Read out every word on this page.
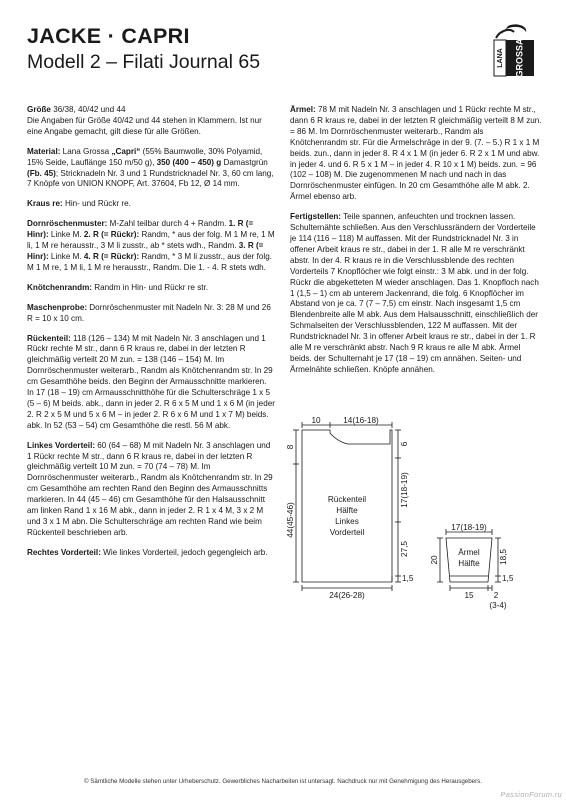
JACKE · CAPRI
Modell 2 – Filati Journal 65	LANA GROSSA

Größe 36/38, 40/42 und 44
Die Angaben für Größe 40/42 und 44 stehen in Klammern. Ist nur eine Angabe gemacht, gilt diese für alle Größen.

Material: Lana Grossa „Capri“ (55% Baumwolle, 30% Polyamid, 15% Seide, Lauflänge 150 m/50 g), 350 (400 – 450) g Damastgrün (Fb. 45); Stricknadeln Nr. 3 und 1 Rundstricknadel Nr. 3, 60 cm lang, 7 Knöpfe von UNION KNOPF, Art. 37604, Fb 12, Ø 14 mm.

Kraus re: Hin- und Rückr re.

Dornröschenmuster: M-Zahl teilbar durch 4 + Randm. 1. R (= Hinr): Linke M. 2. R (= Rückr): Randm, * aus der folg. M 1 M re, 1 M li, 1 M re herausstr., 3 M li zusstr., ab * stets wdh., Randm. 3. R (= Hinr): Linke M. 4. R (= Rückr): Randm, * 3 M li zusstr., aus der folg. M 1 M re, 1 M li, 1 M re herausstr., Randm. Die 1. - 4. R stets wdh.

Knötchenrandm: Randm in Hin- und Rückr re str.

Maschenprobe: Dornröschenmuster mit Nadeln Nr. 3: 28 M und 26 R = 10 x 10 cm.

Rückenteil: 118 (126 – 134) M mit Nadeln Nr. 3 anschlagen und 1 Rückr rechte M str., dann 6 R kraus re, dabei in der letzten R gleichmäßig verteilt 20 M zun. = 138 (146 – 154) M. Im Dornröschenmuster weiterarb., Randm als Knötchenrandm str. In 29 cm Gesamthöhe beids. den Beginn der Armausschnitte markieren. In 17 (18 – 19) cm Armausschnitthöhe für die Schulterschräge 1 x 5 (5 – 6) M beids. abk., dann in jeder 2. R 6 x 5 M und 1 x 6 M (in jeder 2. R 2 x 5 M und 5 x 6 M – in jeder 2. R 6 x 6 M und 1 x 7 M) beids. abk. In 52 (53 – 54) cm Gesamthöhe die restl. 56 M abk.

Linkes Vorderteil: 60 (64 – 68) M mit Nadeln Nr. 3 anschlagen und 1 Rückr rechte M str., dann 6 R kraus re, dabei in der letzten R gleichmäßig verteilt 10 M zun. = 70 (74 – 78) M. Im Dornröschenmuster weiterarb., Randm als Knötchenrandm str. In 29 cm Gesamthöhe am rechten Rand den Beginn des Armausschnitts markieren. In 44 (45 – 46) cm Gesamthöhe für den Halsausschnitt am linken Rand 1 x 16 M abk., dann in jeder 2. R 1 x 4 M, 3 x 2 M und 3 x 1 M abn. Die Schulterschräge am rechten Rand wie beim Rückenteil beschrieben arb.

Rechtes Vorderteil: Wie linkes Vorderteil, jedoch gegengleich arb.

Ärmel: 78 M mit Nadeln Nr. 3 anschlagen und 1 Rückr rechte M str., dann 6 R kraus re, dabei in der letzten R gleichmäßig verteilt 8 M zun. = 86 M. Im Dornröschenmuster weiterarb., Randm als Knötchenrandm str. Für die Ärmelschräge in der 9. (7. – 5.) R 1 x 1 M beids. zun., dann in jeder 8. R 4 x 1 M (in jeder 6. R 2 x 1 M und abw. in jeder 4. und 6. R 5 x 1 M – in jeder 4. R 10 x 1 M) beids. zun. = 96 (102 – 108) M. Die zugenommenen M nach und nach in das Dornröschenmuster einfügen. In 20 cm Gesamthöhe alle M abk. 2. Ärmel ebenso arb.

Fertigstellen: Teile spannen, anfeuchten und trocknen lassen. Schulternähte schließen. Aus den Verschlussrändern der Vorderteile je 114 (116 – 118) M auffassen. Mit der Rundstricknadel Nr. 3 in offener Arbeit kraus re str., dabei in der 1. R alle M re verschränkt abstr. In der 4. R kraus re in die Verschlussblende des rechten Vorderteils 7 Knopflöcher wie folgt einstr.: 3 M abk. und in der folg. Rückr die abgeketteten M wieder anschlagen. Das 1. Knopfloch nach 1 (1,5 – 1) cm ab unterem Jackenrand, die folg. 6 Knopflöcher im Abstand von je ca. 7 (7 – 7,5) cm einstr. Nach insgesamt 1,5 cm Blendenbreite alle M abk. Aus dem Halsausschnitt, einschließlich der Schmalseiten der Verschlussblenden, 122 M auffassen. Mit der Rundstricknadel Nr. 3 in offener Arbeit kraus re str., dabei in der 1. R alle M re verschränkt abstr. Nach 9 R kraus re alle M abk. Ärmel beids. der Schulternaht je 17 (18 – 19) cm annähen. Seiten- und Ärmelnähte schließen. Knöpfe annähen.

10	14(16-18)
8
44(45-46)
6
17(18-19)
27,5
1,5
Rückenteil
Hälfte
Linkes
Vorderteil
24(26-28)
17(18-19)
20	18,5
1,5
Ärmel
Hälfte
15 2
(3-4)
© Sämtliche Modelle stehen unter Urheberschutz. Gewerbliches Nacharbeiten ist untersagt. Nachdruck nur mit Genehmigung des Herausgebers.
PassionForum.ru
